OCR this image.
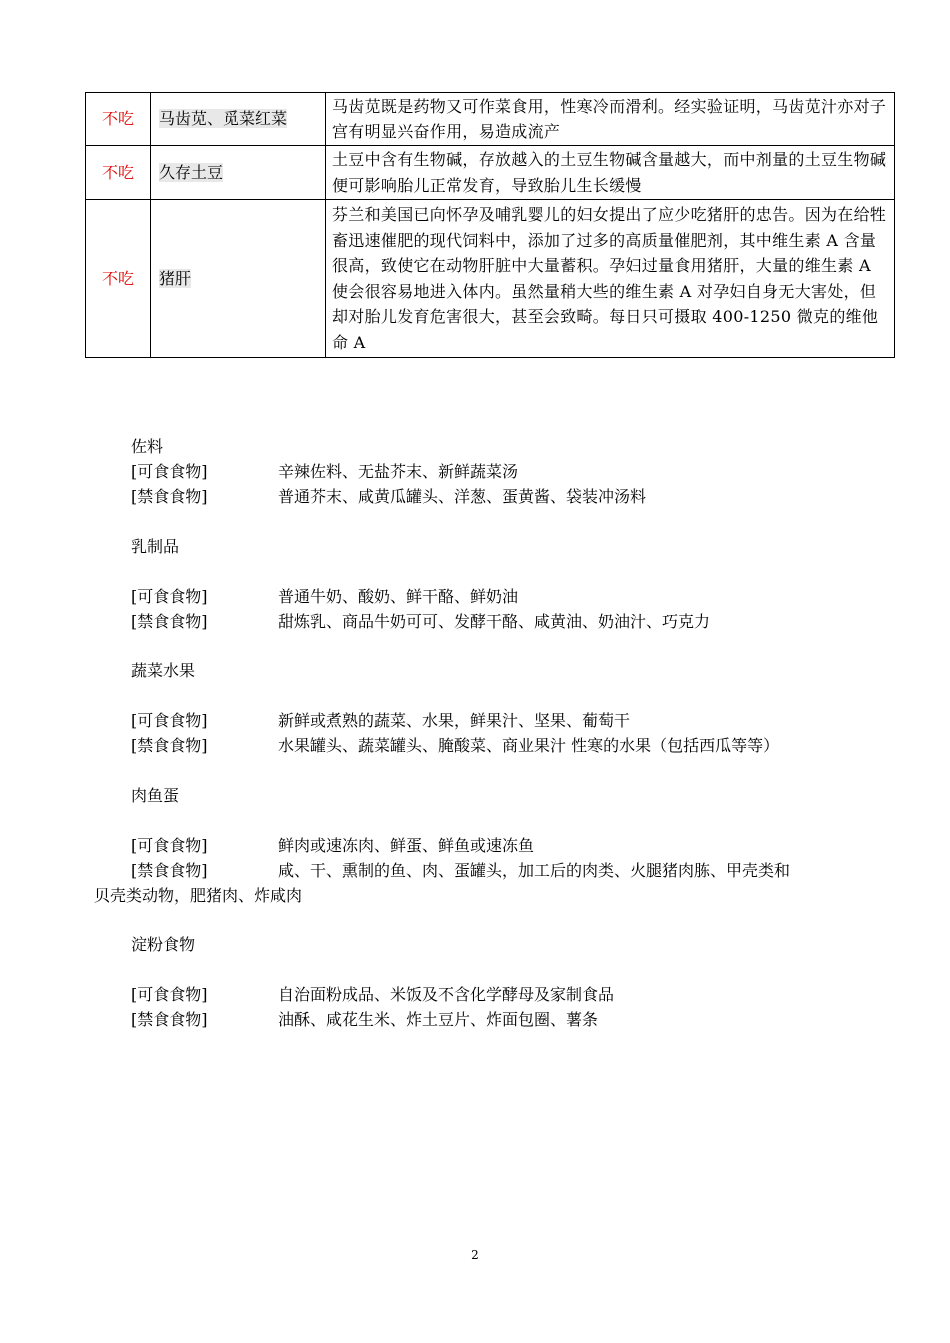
不吃	马齿苋、觅菜红菜	马齿苋既是药物又可作菜食用，性寒冷而滑利。经实验证明，马齿苋汁亦对子宫有明显兴奋作用，易造成流产
不吃	久存土豆	土豆中含有生物碱，存放越入的土豆生物碱含量越大，而中剂量的土豆生物碱便可影响胎儿正常发育，导致胎儿生长缓慢
不吃	猪肝	芬兰和美国已向怀孕及哺乳婴儿的妇女提出了应少吃猪肝的忠告。因为在给牲畜迅速催肥的现代饲料中，添加了过多的高质量催肥剂，其中维生素 A 含量很高，致使它在动物肝脏中大量蓄积。孕妇过量食用猪肝，大量的维生素 A 使会很容易地进入体内。虽然量稍大些的维生素 A 对孕妇自身无大害处，但却对胎儿发育危害很大，甚至会致畸。每日只可摄取 400-1250 微克的维他命 A
佐料
[可食食物]	辛辣佐料、无盐芥末、新鲜蔬菜汤
[禁食食物]	普通芥末、咸黄瓜罐头、洋葱、蛋黄酱、袋装冲汤料
乳制品
[可食食物]	普通牛奶、酸奶、鲜干酪、鲜奶油
[禁食食物]	甜炼乳、商品牛奶可可、发酵干酪、咸黄油、奶油汁、巧克力
蔬菜水果
[可食食物]	新鲜或煮熟的蔬菜、水果，鲜果汁、坚果、葡萄干
[禁食食物]	水果罐头、蔬菜罐头、腌酸菜、商业果汁 性寒的水果（包括西瓜等等）
肉鱼蛋
[可食食物]	鲜肉或速冻肉、鲜蛋、鲜鱼或速冻鱼
[禁食食物]	咸、干、熏制的鱼、肉、蛋罐头，加工后的肉类、火腿猪肉胨、甲壳类和
贝壳类动物，肥猪肉、炸咸肉
淀粉食物
[可食食物]	自治面粉成品、米饭及不含化学酵母及家制食品
[禁食食物]	油酥、咸花生米、炸土豆片、炸面包圈、薯条
2
